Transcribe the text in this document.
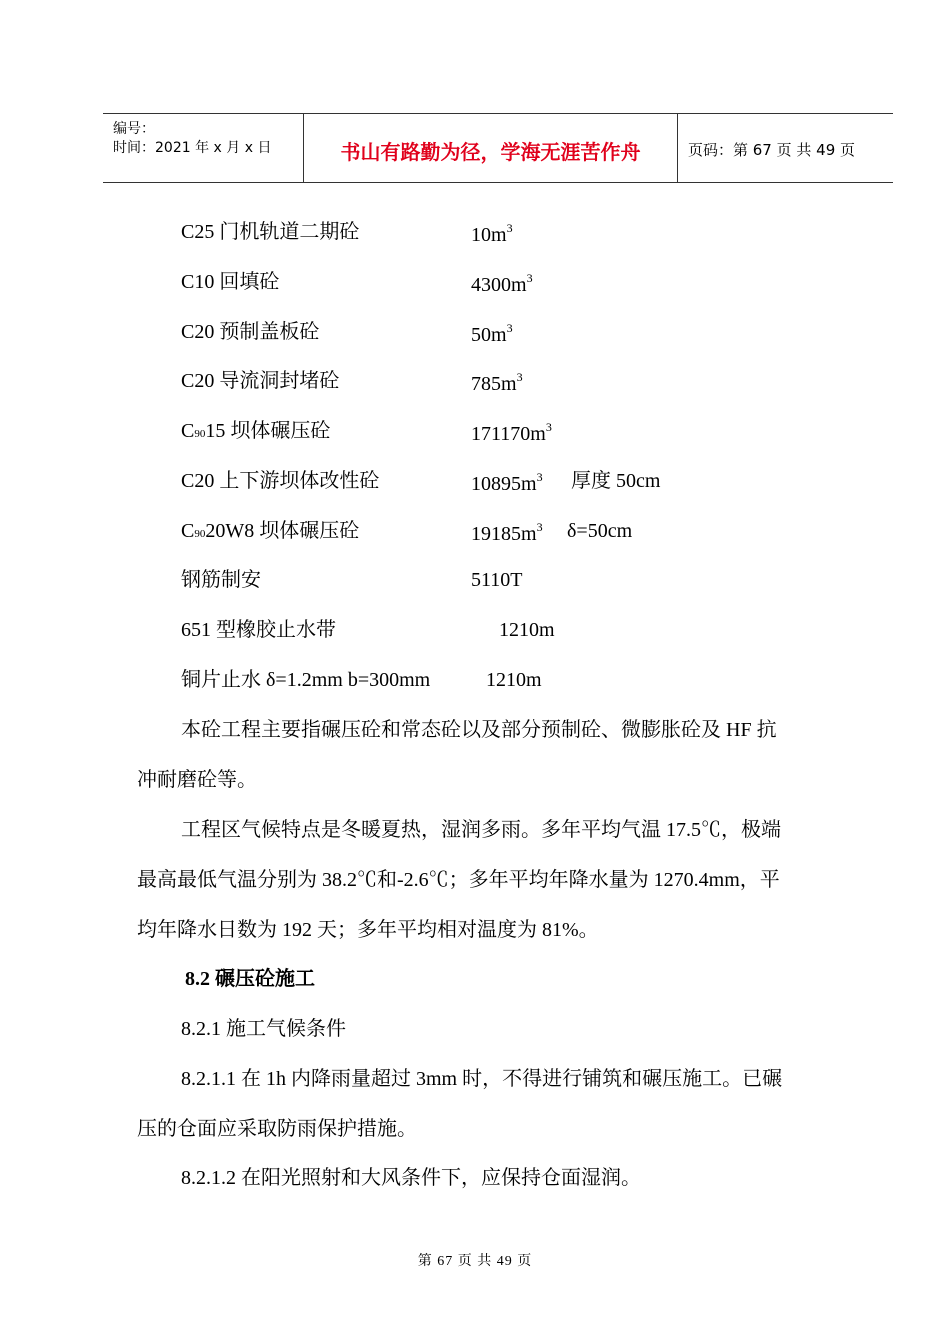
编号：
时间：2021 年 x 月 x 日	书山有路勤为径，学海无涯苦作舟	页码：第 67 页 共 49 页
C25 门机轨道二期砼	$10m^3$
C10 回填砼	$4300m^3$
C20 预制盖板砼	$50m^3$
C20 导流洞封堵砼	$785m^3$
C9015 坝体碾压砼	$171170m^3$
C20 上下游坝体改性砼	$10895m^3$ 厚度 50cm
C9020W8 坝体碾压砼	$19185m^3$ δ=50cm
钢筋制安	5110T
651 型橡胶止水带	1210m
铜片止水 δ=1.2mm b=300mm	1210m
本砼工程主要指碾压砼和常态砼以及部分预制砼、微膨胀砼及 HF 抗
冲耐磨砼等。
工程区气候特点是冬暖夏热，湿润多雨。多年平均气温 17.5℃，极端
最高最低气温分别为 38.2℃和-2.6℃；多年平均年降水量为 1270.4mm，平
均年降水日数为 192 天；多年平均相对温度为 81%。
8.2 碾压砼施工
8.2.1 施工气候条件
8.2.1.1 在 1h 内降雨量超过 3mm 时，不得进行铺筑和碾压施工。已碾
压的仓面应采取防雨保护措施。
8.2.1.2 在阳光照射和大风条件下，应保持仓面湿润。
第 67 页 共 49 页
